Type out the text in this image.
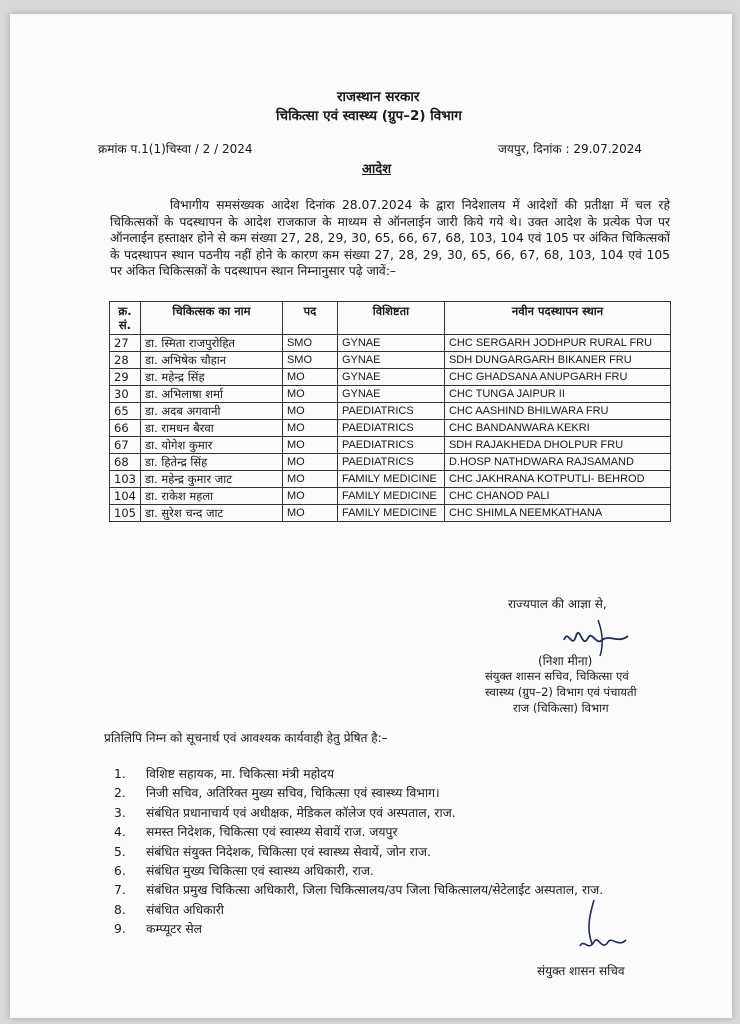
राजस्थान सरकार
चिकित्सा एवं स्वास्थ्य (ग्रुप–2) विभाग
क्रमांक प.1(1)चिस्वा / 2 / 2024	जयपुर, दिनांक : 29.07.2024
आदेश

विभागीय समसंख्यक आदेश दिनांक 28.07.2024 के द्वारा निदेशालय में आदेशों की प्रतीक्षा में चल रहे चिकित्सकों के पदस्थापन के आदेश राजकाज के माध्यम से ऑनलाईन जारी किये गये थे। उक्त आदेश के प्रत्येक पेज पर ऑनलाईन हस्ताक्षर होने से कम संख्या 27, 28, 29, 30, 65, 66, 67, 68, 103, 104 एवं 105 पर अंकित चिकित्सकों के पदस्थापन स्थान पठनीय नहीं होने के कारण कम संख्या 27, 28, 29, 30, 65, 66, 67, 68, 103, 104 एवं 105 पर अंकित चिकित्सकों के पदस्थापन स्थान निम्नानुसार पढ़े जावें:–

क्र. सं.	चिकित्सक का नाम	पद	विशिष्टता	नवीन पदस्थापन स्थान
27	डा. स्मिता राजपुरोहित	SMO	GYNAE	CHC SERGARH JODHPUR RURAL FRU
28	डा. अभिषेक चौहान	SMO	GYNAE	SDH DUNGARGARH BIKANER FRU
29	डा. महेन्द्र सिंह	MO	GYNAE	CHC GHADSANA ANUPGARH FRU
30	डा. अभिलाषा शर्मा	MO	GYNAE	CHC TUNGA JAIPUR II
65	डा. अदब अगवानी	MO	PAEDIATRICS	CHC AASHIND BHILWARA FRU
66	डा. रामधन बैरवा	MO	PAEDIATRICS	CHC BANDANWARA KEKRI
67	डा. योगेश कुमार	MO	PAEDIATRICS	SDH RAJAKHEDA DHOLPUR FRU
68	डा. हितेन्द्र सिंह	MO	PAEDIATRICS	D.HOSP NATHDWARA RAJSAMAND
103	डा. महेन्द्र कुमार जाट	MO	FAMILY MEDICINE	CHC JAKHRANA KOTPUTLI- BEHROD
104	डा. राकेश महला	MO	FAMILY MEDICINE	CHC CHANOD PALI
105	डा. सुरेश चन्द जाट	MO	FAMILY MEDICINE	CHC SHIMLA NEEMKATHANA
राज्यपाल की आज्ञा से,
(निशा मीना)
संयुक्त शासन सचिव, चिकित्सा एवं
स्वास्थ्य (ग्रुप–2) विभाग एवं पंचायती
राज (चिकित्सा) विभाग
प्रतिलिपि निम्न को सूचनार्थ एवं आवश्यक कार्यवाही हेतु प्रेषित है:–
1. विशिष्ट सहायक, मा. चिकित्सा मंत्री महोदय
2. निजी सचिव, अतिरिक्त मुख्य सचिव, चिकित्सा एवं स्वास्थ्य विभाग।
3. संबंधित प्रधानाचार्य एवं अधीक्षक, मेडिकल कॉलेज एवं अस्पताल, राज.
4. समस्त निदेशक, चिकित्सा एवं स्वास्थ्य सेवायें राज. जयपुर
5. संबंधित संयुक्त निदेशक, चिकित्सा एवं स्वास्थ्य सेवायें, जोन राज.
6. संबंधित मुख्य चिकित्सा एवं स्वास्थ्य अधिकारी, राज.
7. संबंधित प्रमुख चिकित्सा अधिकारी, जिला चिकित्सालय/उप जिला चिकित्सालय/सेटेलाईट अस्पताल, राज.
8. संबंधित अधिकारी
9. कम्प्यूटर सेल
संयुक्त शासन सचिव
